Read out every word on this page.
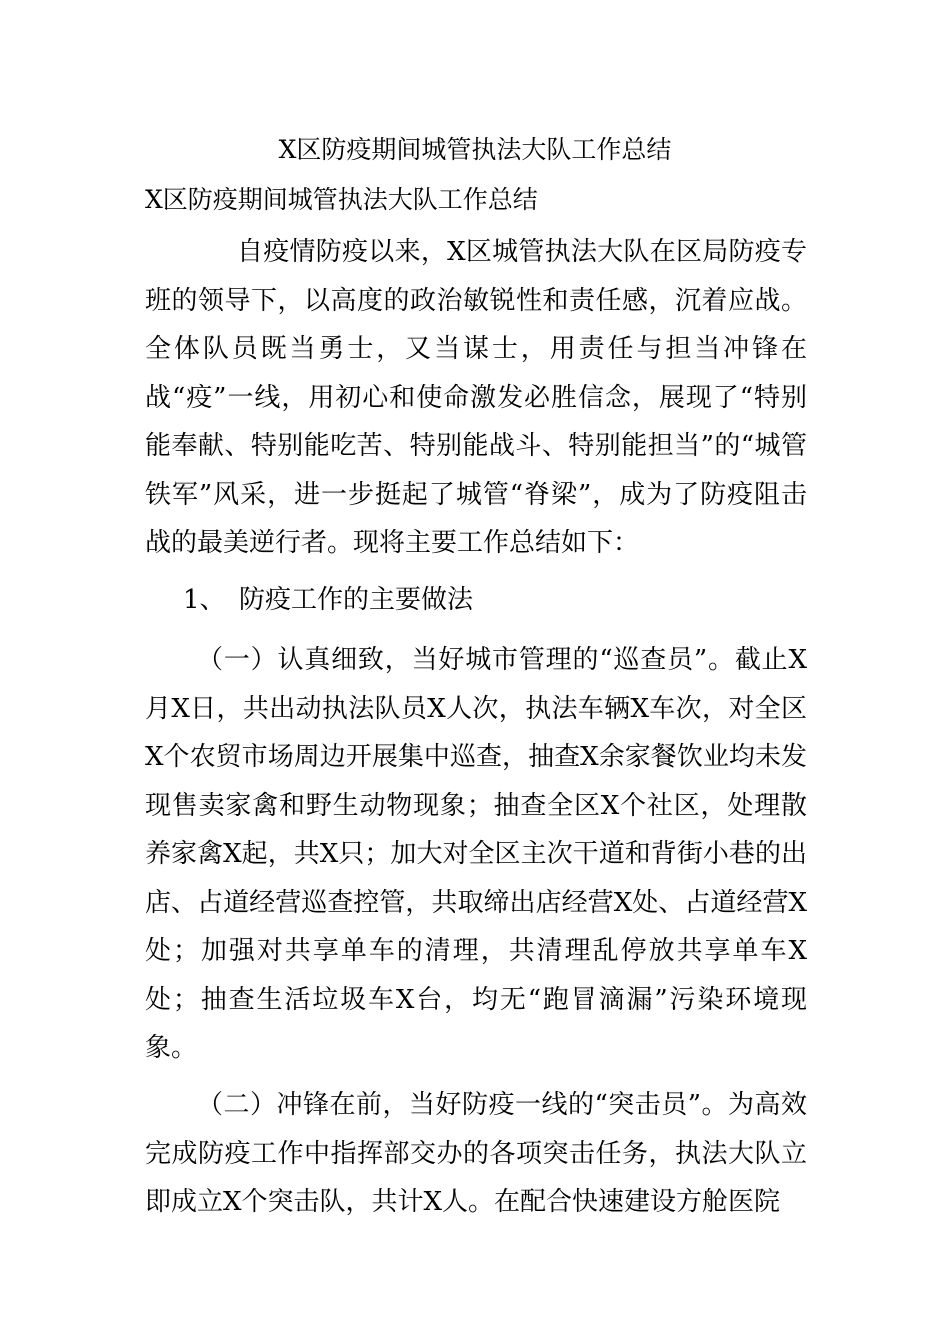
X区防疫期间城管执法大队工作总结
X区防疫期间城管执法大队工作总结

自疫情防疫以来，X区城管执法大队在区局防疫专班的领导下，以高度的政治敏锐性和责任感，沉着应战。全体队员既当勇士，又当谋士，用责任与担当冲锋在战“疫”一线，用初心和使命激发必胜信念，展现了“特别能奉献、特别能吃苦、特别能战斗、特别能担当”的“城管铁军”风采，进一步挺起了城管“脊梁”，成为了防疫阻击战的最美逆行者。现将主要工作总结如下：

1、 防疫工作的主要做法

（一）认真细致，当好城市管理的“巡查员”。截止X月X日，共出动执法队员X人次，执法车辆X车次，对全区X个农贸市场周边开展集中巡查，抽查X余家餐饮业均未发现售卖家禽和野生动物现象；抽查全区X个社区，处理散养家禽X起，共X只；加大对全区主次干道和背街小巷的出店、占道经营巡查控管，共取缔出店经营X处、占道经营X处；加强对共享单车的清理，共清理乱停放共享单车X处；抽查生活垃圾车X台，均无“跑冒滴漏”污染环境现象。

（二）冲锋在前，当好防疫一线的“突击员”。为高效完成防疫工作中指挥部交办的各项突击任务，执法大队立即成立X个突击队，共计X人。在配合快速建设方舱医院
